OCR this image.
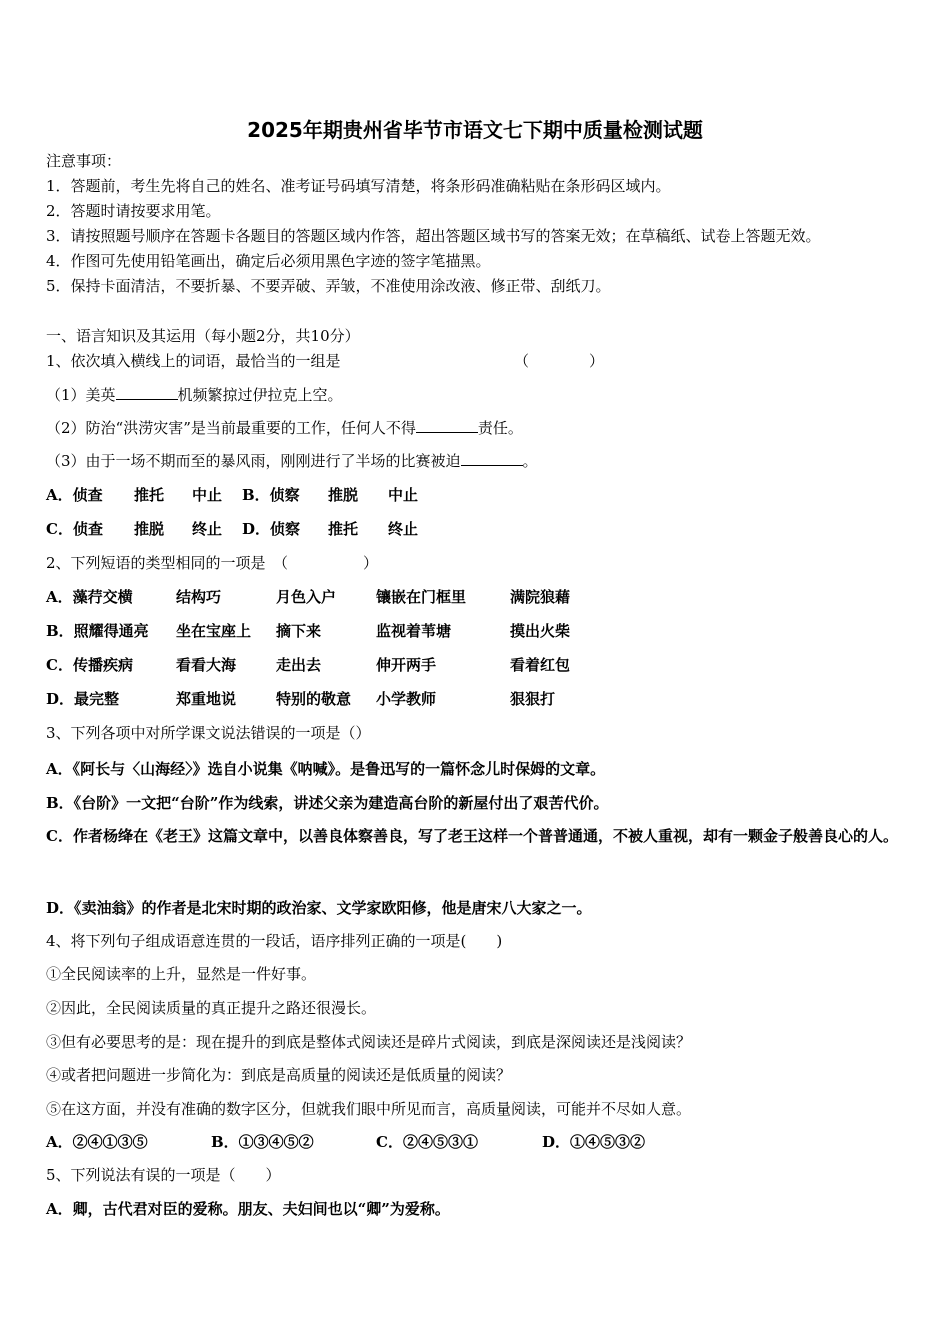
2025年期贵州省毕节市语文七下期中质量检测试题
注意事项：
1．答题前，考生先将自己的姓名、准考证号码填写清楚，将条形码准确粘贴在条形码区域内。
2．答题时请按要求用笔。
3．请按照题号顺序在答题卡各题目的答题区域内作答，超出答题区域书写的答案无效；在草稿纸、试卷上答题无效。
4．作图可先使用铅笔画出，确定后必须用黑色字迹的签字笔描黑。
5．保持卡面清洁，不要折暴、不要弄破、弄皱，不准使用涂改液、修正带、刮纸刀。
一、语言知识及其运用（每小题2分，共10分）
1、依次填入横线上的词语，最恰当的一组是	（　　　　）
（1）美英	机频繁掠过伊拉克上空。
（2）防治“洪涝灾害”是当前最重要的工作，任何人不得	责任。
（3）由于一场不期而至的暴风雨，刚刚进行了半场的比赛被迫	。
A．侦查 推托 中止 B．侦察 推脱 中止
C．侦查 推脱 终止 D．侦察 推托 终止
2、下列短语的类型相同的一项是　（　　　　　）
A．藻荇交横	结构巧	月色入户	镶嵌在门框里	满院狼藉
B．照耀得通亮 坐在宝座上 摘下来	监视着苇塘	摸出火柴
C．传播疾病	看看大海	走出去	伸开两手	看着红包
D．最完整	郑重地说	特别的敬意 小学教师	狠狠打
3、下列各项中对所学课文说法错误的一项是（）
A．《阿长与〈山海经〉》选自小说集《呐喊》。是鲁迅写的一篇怀念儿时保姆的文章。
B．《台阶》一文把“台阶”作为线索，讲述父亲为建造高台阶的新屋付出了艰苦代价。
C．作者杨绛在《老王》这篇文章中，以善良体察善良，写了老王这样一个普普通通，不被人重视，却有一颗金子般善良心的人。
D．《卖油翁》的作者是北宋时期的政治家、文学家欧阳修，他是唐宋八大家之一。
4、将下列句子组成语意连贯的一段话，语序排列正确的一项是(　　)
①全民阅读率的上升，显然是一件好事。
②因此，全民阅读质量的真正提升之路还很漫长。
③但有必要思考的是：现在提升的到底是整体式阅读还是碎片式阅读，到底是深阅读还是浅阅读？
④或者把问题进一步简化为：到底是高质量的阅读还是低质量的阅读？
⑤在这方面，并没有准确的数字区分，但就我们眼中所见而言，高质量阅读，可能并不尽如人意。
A．②④①③⑤	B．①③④⑤②	C．②④⑤③①	D．①④⑤③②
5、下列说法有误的一项是（　　）
A．卿，古代君对臣的爱称。朋友、夫妇间也以“卿”为爱称。
